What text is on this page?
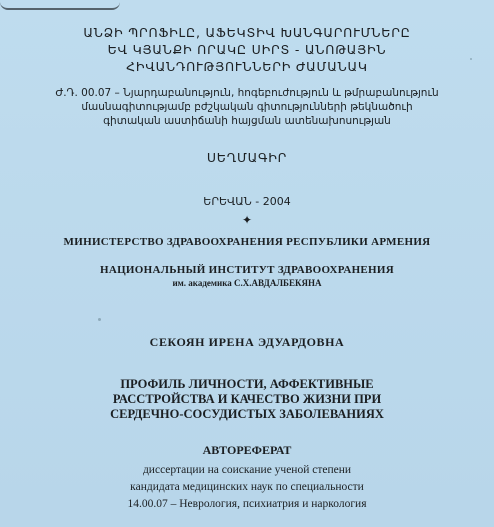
ԱՆՁԻ ՊՐՈՖԻԼԸ, ԱՖԵԿՏԻՎ ԽԱՆԳԱՐՈՒՄՆԵՐԸ
ԵՎ ԿՅԱՆՔԻ ՈՐԱԿԸ ՍԻՐՏ - ԱՆՈԹԱՅԻՆ
ՀԻՎԱՆԴՈՒԹՅՈՒՆՆԵՐԻ ԺԱՄԱՆԱԿ
Ժ.Դ. 00.07 – Նյարդաբանություն, հոգեբուժություն և թմրաբանություն
մասնագիտությամբ բժշկական գիտությունների թեկնածուի
գիտական աստիճանի հայցման ատենախոսության
ՍԵՂՄԱԳԻՐ
ԵՐԵՎԱՆ - 2004
✦
МИНИСТЕРСТВО ЗДРАВООХРАНЕНИЯ РЕСПУБЛИКИ АРМЕНИЯ
НАЦИОНАЛЬНЫЙ ИНСТИТУТ ЗДРАВООХРАНЕНИЯ
им. академика С.Х.АВДАЛБЕКЯНА
СЕКОЯН ИРЕНА ЭДУАРДОВНА
ПРОФИЛЬ ЛИЧНОСТИ, АФФЕКТИВНЫЕ
РАССТРОЙСТВА И КАЧЕСТВО ЖИЗНИ ПРИ
СЕРДЕЧНО-СОСУДИСТЫХ ЗАБОЛЕВАНИЯХ
АВТОРЕФЕРАТ
диссертации на соискание ученой степени
кандидата медицинских наук по специальности
14.00.07 – Неврология, психиатрия и наркология
